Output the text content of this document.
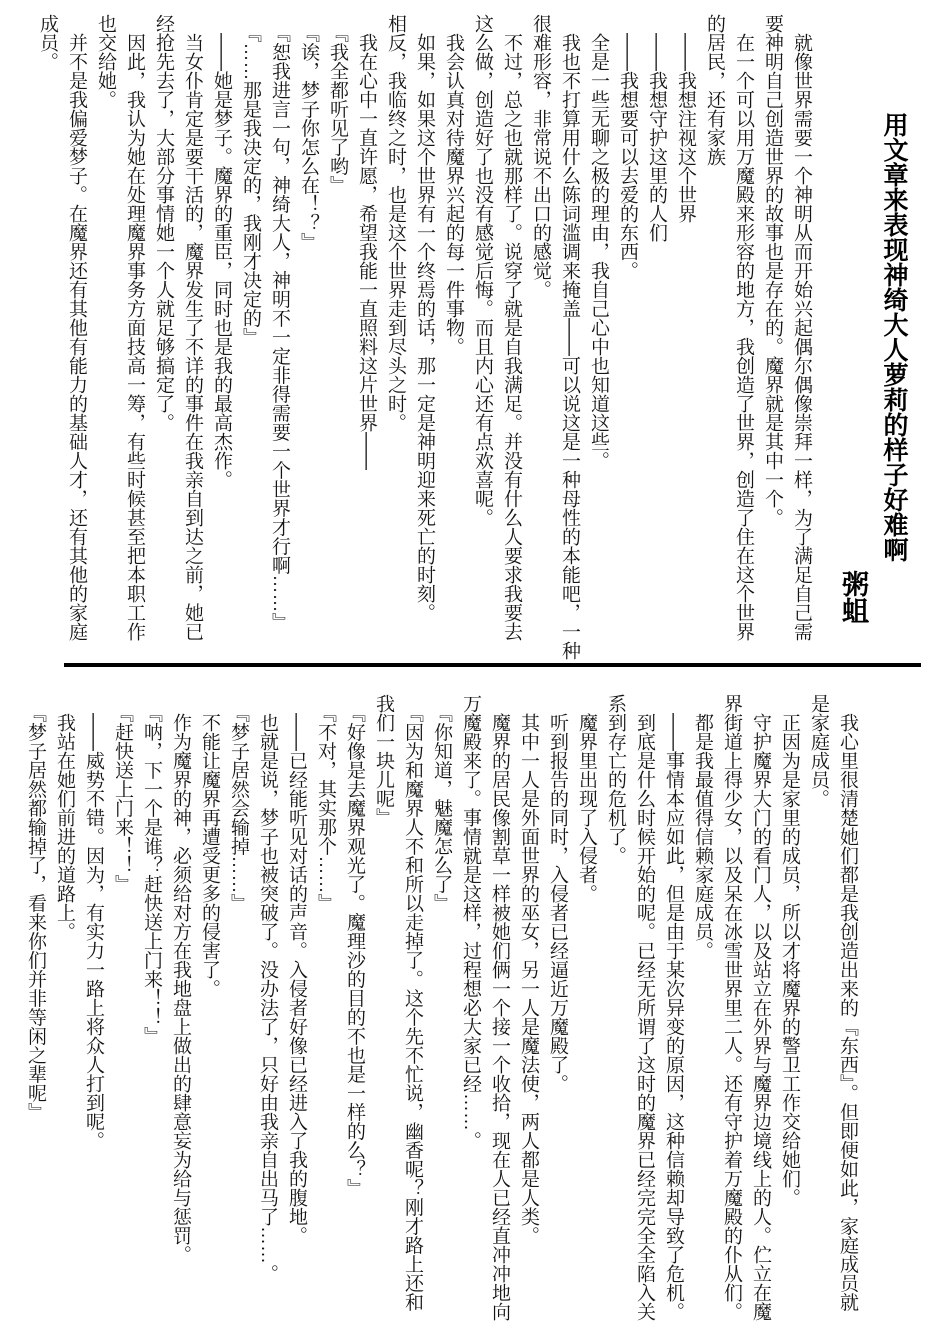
用文章来表现神绮大人萝莉的样子好难啊
粥蛆

　就像世界需要一个神明从而开始兴起偶尔偶像崇拜一样，为了满足自己需

要神明自己创造世界的故事也是存在的。魔界就是其中一个。

　在一个可以用万魔殿来形容的地方，我创造了世界，创造了住在这个世界

的居民，还有家族

　——我想注视这个世界

　——我想守护这里的人们

　——我想要可以去爱的东西。

　全是一些无聊之极的理由，我自己心中也知道这些。

　我也不打算用什么陈词滥调来掩盖——可以说这是一种母性的本能吧，一种

很难形容，非常说不出口的感觉。

　不过，总之也就那样了。说穿了就是自我满足。并没有什么人要求我要去

这么做，创造好了也没有感觉后悔。而且内心还有点欢喜呢。

　我会认真对待魔界兴起的每一件事物。

　如果，如果这个世界有一个终焉的话，那一定是神明迎来死亡的时刻。

相反，我临终之时，也是这个世界走到尽头之时。

　我在心中一直许愿，希望我能一直照料这片世界——

　『我全都听见了哟』

　『诶，梦子你怎么在！？』

　『恕我进言一句，神绮大人，神明不一定非得需要一个世界才行啊……』

　『……那是我决定的，我刚才决定的』

　——她是梦子。魔界的重臣，同时也是我的最高杰作。

　当女仆肯定是要干活的，魔界发生了不详的事件在我亲自到达之前，她已

经抢先去了，大部分事情她一个人就足够搞定了。

　因此，我认为她在处理魔界事务方面技高一筹，有些时候甚至把本职工作

也交给她。

　并不是我偏爱梦子。在魔界还有其他有能力的基础人才，还有其他的家庭

成员。

　我心里很清楚她们都是我创造出来的『东西』。但即便如此，家庭成员就

是家庭成员。

　正因为是家里的成员，所以才将魔界的警卫工作交给她们。

　守护魔界大门的看门人，以及站立在外界与魔界边境线上的人。伫立在魔

界街道上得少女，以及呆在冰雪世界里二人。还有守护着万魔殿的仆从们。

　都是我最值得信赖家庭成员。

　——事情本应如此，但是由于某次异变的原因，这种信赖却导致了危机。

　到底是什么时候开始的呢。已经无所谓了这时的魔界已经完完全全陷入关

系到存亡的危机了。

　魔界里出现了入侵者。

　听到报告的同时，入侵者已经逼近万魔殿了。

　其中一人是外面世界的巫女，另一人是魔法使，两人都是人类。

　魔界的居民像割草一样被她们俩一个接一个收拾，现在人已经直冲冲地向

万魔殿来了。事情就是这样，过程想必大家已经……。

　『你知道，魅魔怎么了』

　『因为和魔界人不和所以走掉了。这个先不忙说，幽香呢？刚才路上还和

我们一块儿呢』

　『好像是去魔界观光了。魔理沙的目的不也是一样的么？』

　『不对，其实那个……』

　——已经能听见对话的声音。入侵者好像已经进入了我的腹地。

　也就是说，梦子也被突破了。没办法了，只好由我亲自出马了……。

　『梦子居然会输掉……』

　不能让魔界再遭受更多的侵害了。

　作为魔界的神，必须给对方在我地盘上做出的肆意妄为给与惩罚。

　『呐，下一个是谁？赶快送上门来！！』

　『赶快送上门来！！』

　——威势不错。因为，有实力一路上将众人打到呢。

　我站在她们前进的道路上。

　『梦子居然都输掉了，看来你们并非等闲之辈呢』
